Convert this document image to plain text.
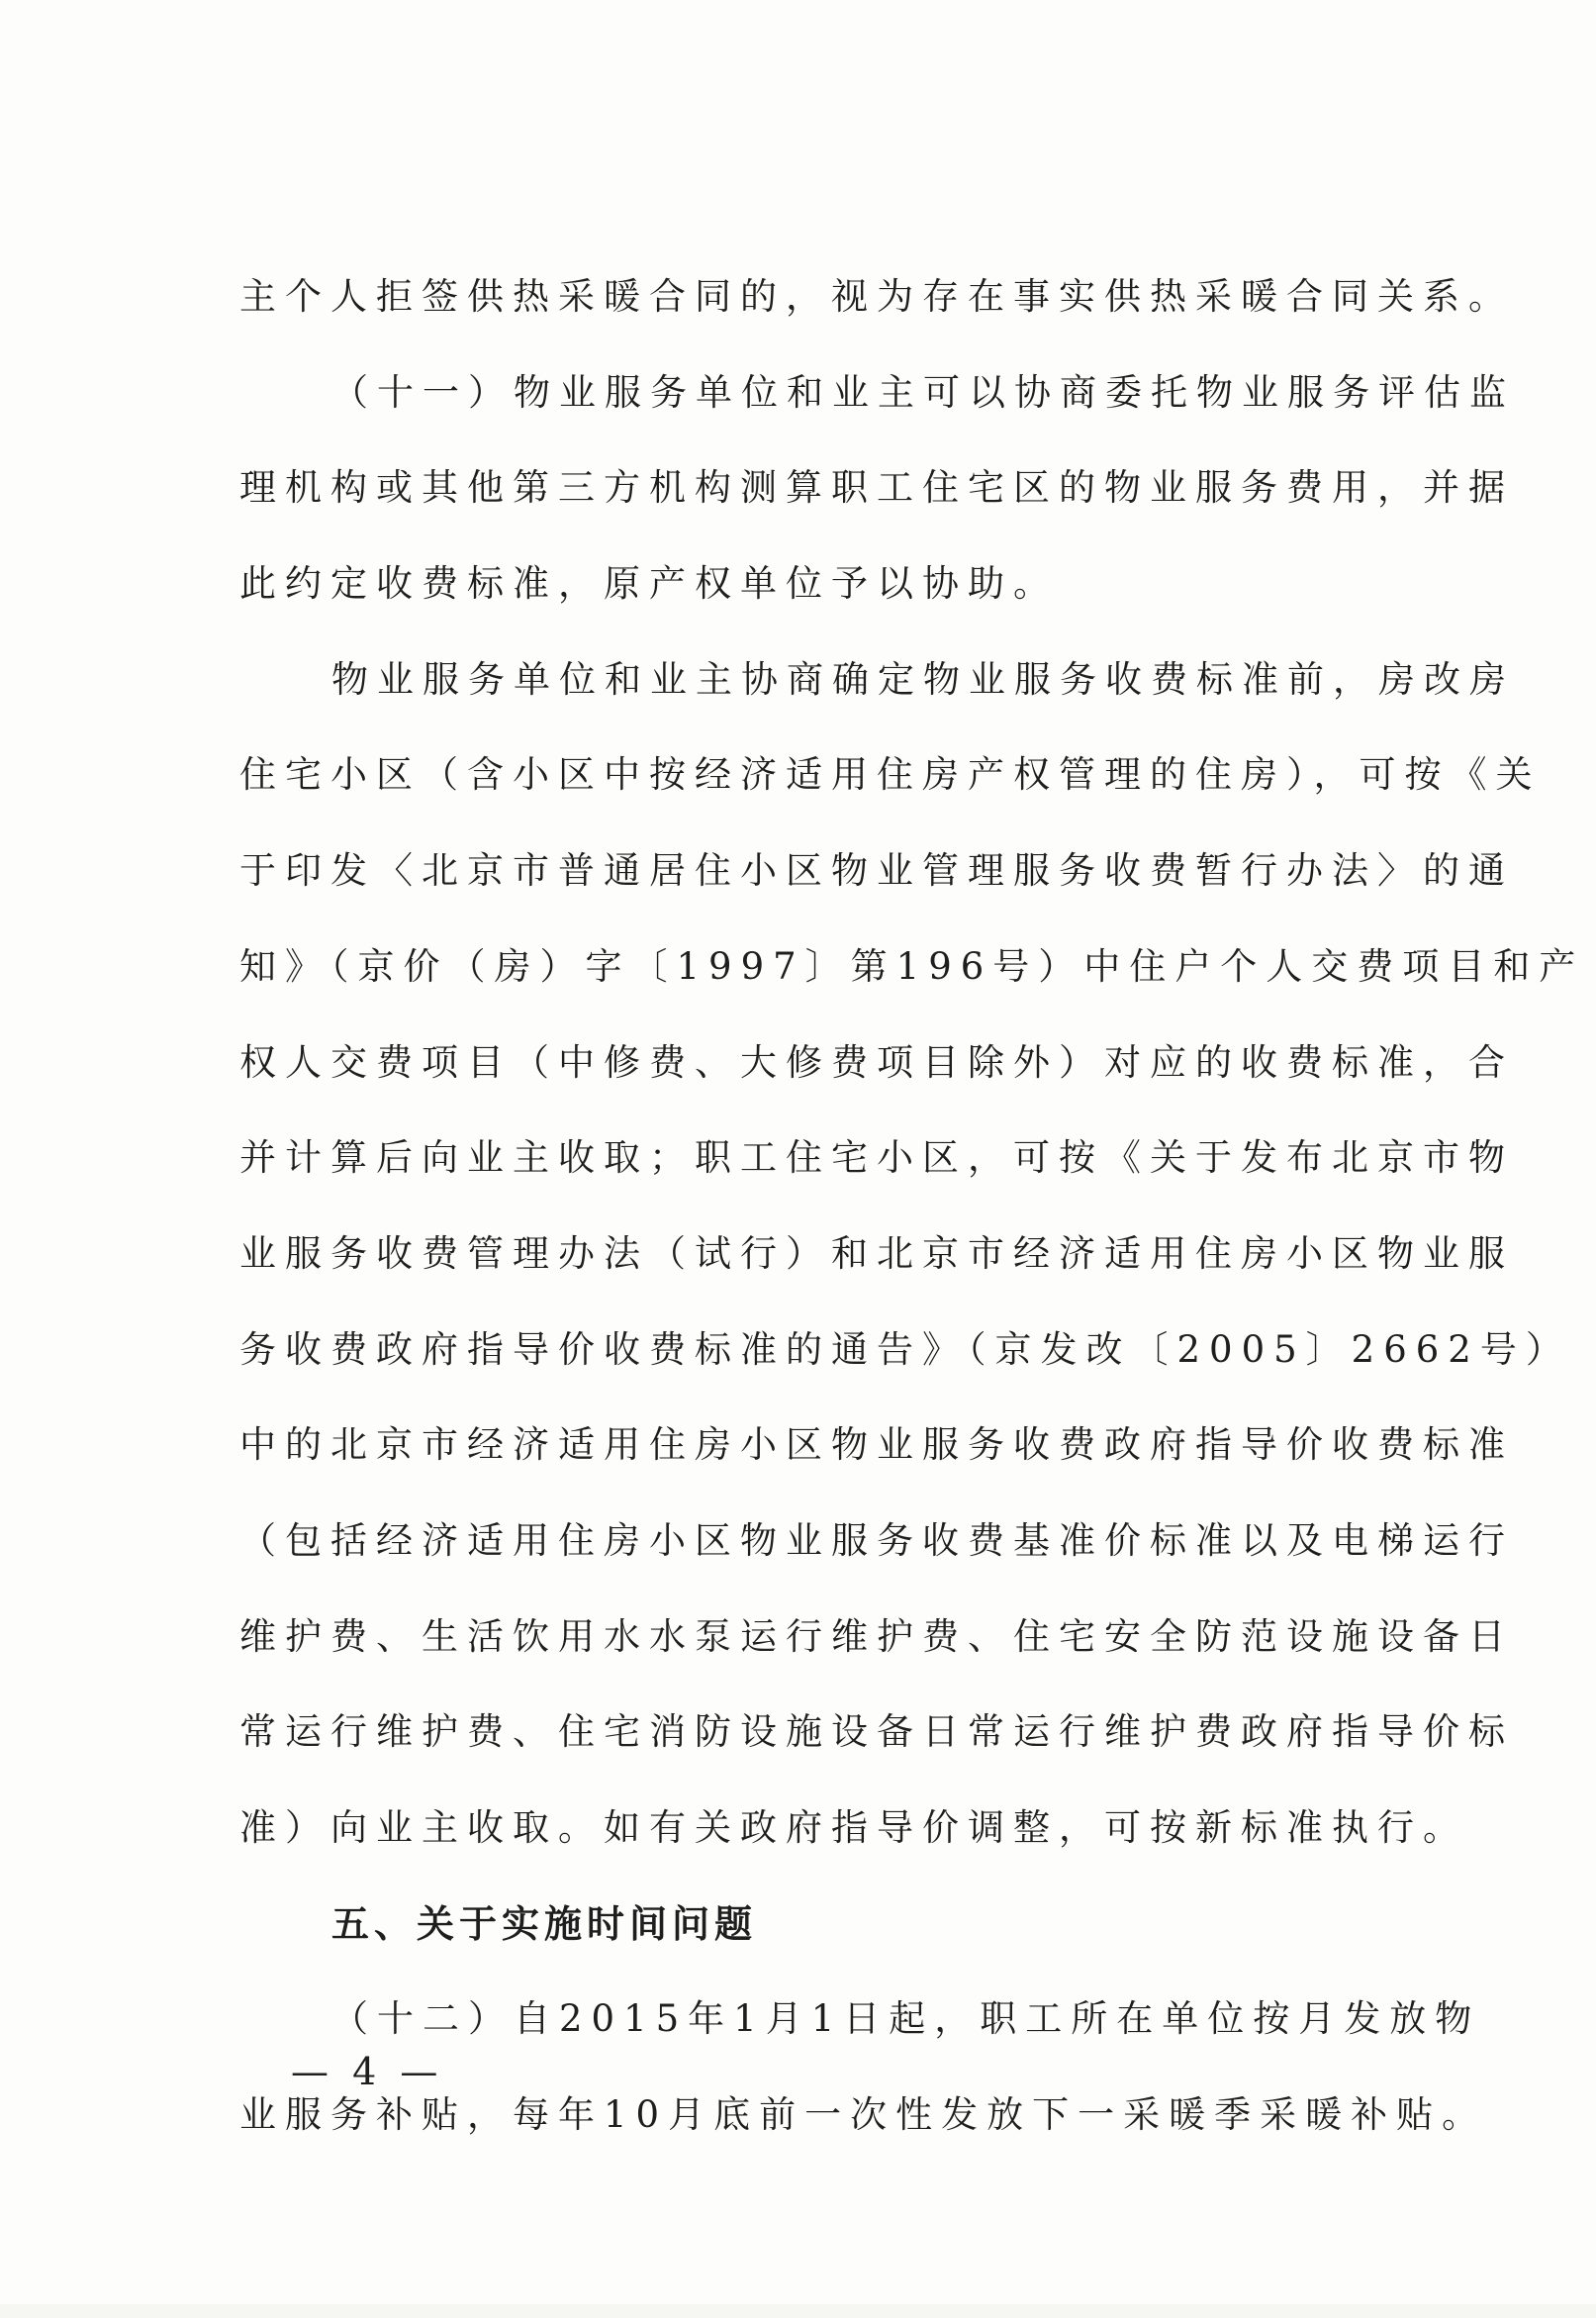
主个人拒签供热采暖合同的，视为存在事实供热采暖合同关系。
（十一）物业服务单位和业主可以协商委托物业服务评估监
理机构或其他第三方机构测算职工住宅区的物业服务费用，并据
此约定收费标准，原产权单位予以协助。
物业服务单位和业主协商确定物业服务收费标准前，房改房
住宅小区（含小区中按经济适用住房产权管理的住房），可按《关
于印发〈北京市普通居住小区物业管理服务收费暂行办法〉的通
知》（京价（房）字〔1997〕第196号）中住户个人交费项目和产
权人交费项目（中修费、大修费项目除外）对应的收费标准，合
并计算后向业主收取；职工住宅小区，可按《关于发布北京市物
业服务收费管理办法（试行）和北京市经济适用住房小区物业服
务收费政府指导价收费标准的通告》（京发改〔2005〕2662号）
中的北京市经济适用住房小区物业服务收费政府指导价收费标准
（包括经济适用住房小区物业服务收费基准价标准以及电梯运行
维护费、生活饮用水水泵运行维护费、住宅安全防范设施设备日
常运行维护费、住宅消防设施设备日常运行维护费政府指导价标
准）向业主收取。如有关政府指导价调整，可按新标准执行。
五、关于实施时间问题
（十二）自2015年1月1日起，职工所在单位按月发放物
业服务补贴，每年10月底前一次性发放下一采暖季采暖补贴。
— 4 —
